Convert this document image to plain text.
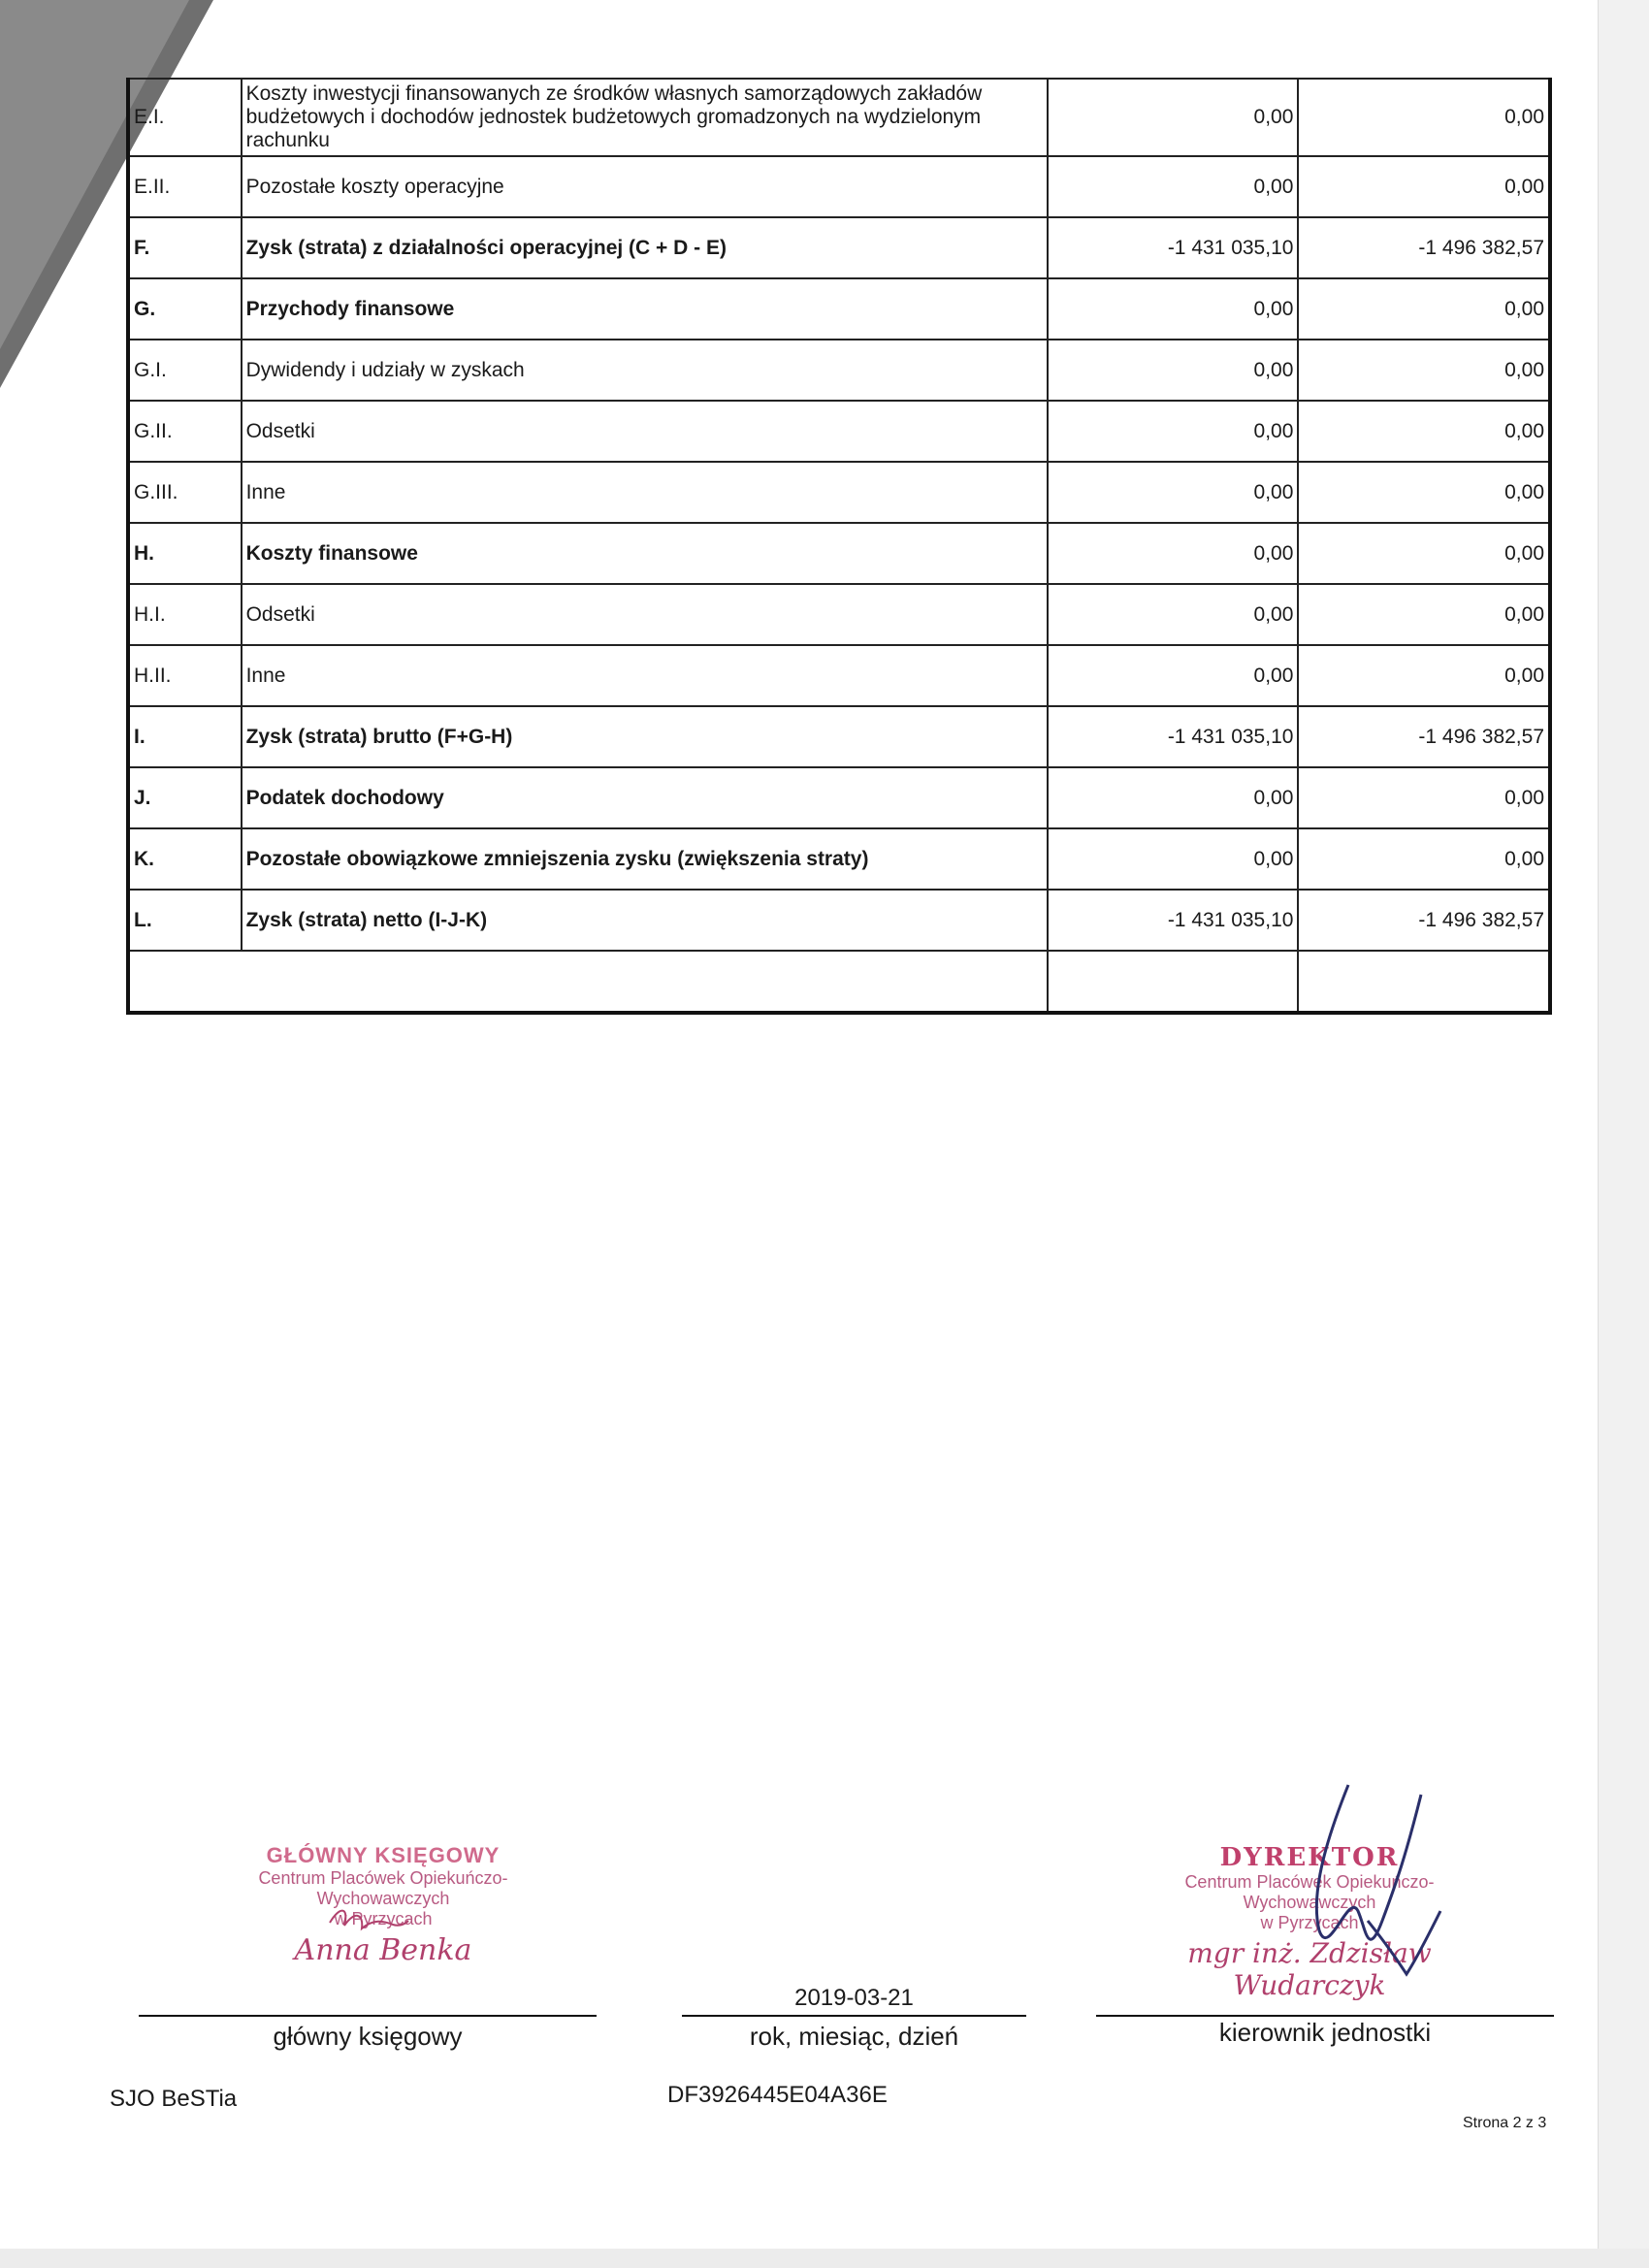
E.I.	Koszty inwestycji finansowanych ze środków własnych samorządowych zakładów budżetowych i dochodów jednostek budżetowych gromadzonych na wydzielonym rachunku	0,00	0,00
E.II.	Pozostałe koszty operacyjne	0,00	0,00
F.	Zysk (strata) z działalności operacyjnej (C + D - E)	-1 431 035,10	-1 496 382,57
G.	Przychody finansowe	0,00	0,00
G.I.	Dywidendy i udziały w zyskach	0,00	0,00
G.II.	Odsetki	0,00	0,00
G.III.	Inne	0,00	0,00
H.	Koszty finansowe	0,00	0,00
H.I.	Odsetki	0,00	0,00
H.II.	Inne	0,00	0,00
I.	Zysk (strata) brutto (F+G-H)	-1 431 035,10	-1 496 382,57
J.	Podatek dochodowy	0,00	0,00
K.	Pozostałe obowiązkowe zmniejszenia zysku (zwiększenia straty)	0,00	0,00
L.	Zysk (strata) netto (I-J-K)	-1 431 035,10	-1 496 382,57

GŁÓWNY KSIĘGOWY
Centrum Placówek Opiekuńczo-Wychowawczych
w Pyrzycach
Anna Benka
DYREKTOR
Centrum Placówek Opiekuńczo-Wychowawczych
w Pyrzycach
mgr inż. Zdzisław Wudarczyk
główny księgowy
2019-03-21
rok, miesiąc, dzień	kierownik jednostki
SJO BeSTia	DF3926445E04A36E
Strona 2 z 3
